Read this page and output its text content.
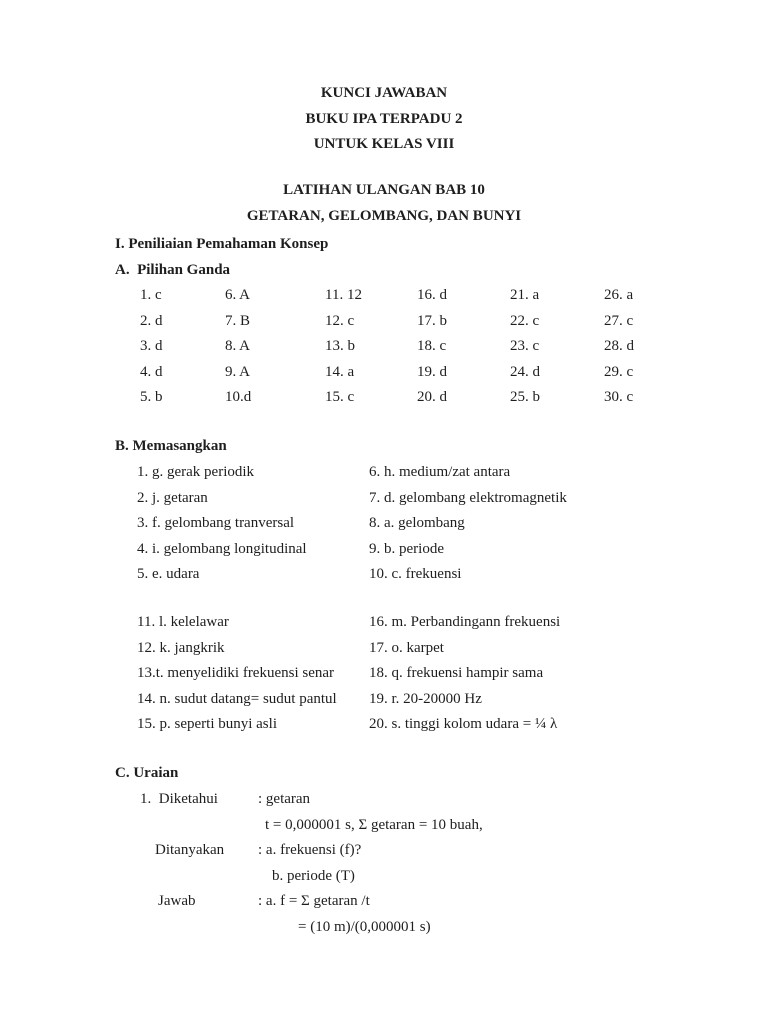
KUNCI JAWABAN
BUKU IPA TERPADU 2
UNTUK KELAS VIII
LATIHAN ULANGAN BAB 10
GETARAN, GELOMBANG, DAN BUNYI
I. Peniliaian Pemahaman Konsep
A.  Pilihan Ganda
1. c	6. A	11. 12	16. d	21. a	26. a
2. d	7. B	12. c	17. b	22. c	27. c
3. d	8. A	13. b	18. c	23. c	28. d
4. d	9. A	14. a	19. d	24. d	29. c
5. b	10.d	15. c	20. d	25. b	30. c
B. Memasangkan
1. g. gerak periodik	6. h. medium/zat antara
2. j. getaran	7. d. gelombang elektromagnetik
3. f. gelombang tranversal	8. a. gelombang
4. i. gelombang longitudinal	9. b. periode
5. e. udara	10. c. frekuensi
11. l. kelelawar	16. m. Perbandingann frekuensi
12. k. jangkrik	17. o. karpet
13.t. menyelidiki frekuensi senar	18. q. frekuensi hampir sama
14. n. sudut datang= sudut pantul	19. r. 20-20000 Hz
15. p. seperti bunyi asli	20. s. tinggi kolom udara = ¼ λ
C. Uraian
1.  Diketahui	: getaran
t = 0,000001 s, Σ getaran = 10 buah,
Ditanyakan	: a. frekuensi (f)?
b. periode (T)
Jawab	: a. f = Σ getaran /t
= (10 m)/(0,000001 s)
